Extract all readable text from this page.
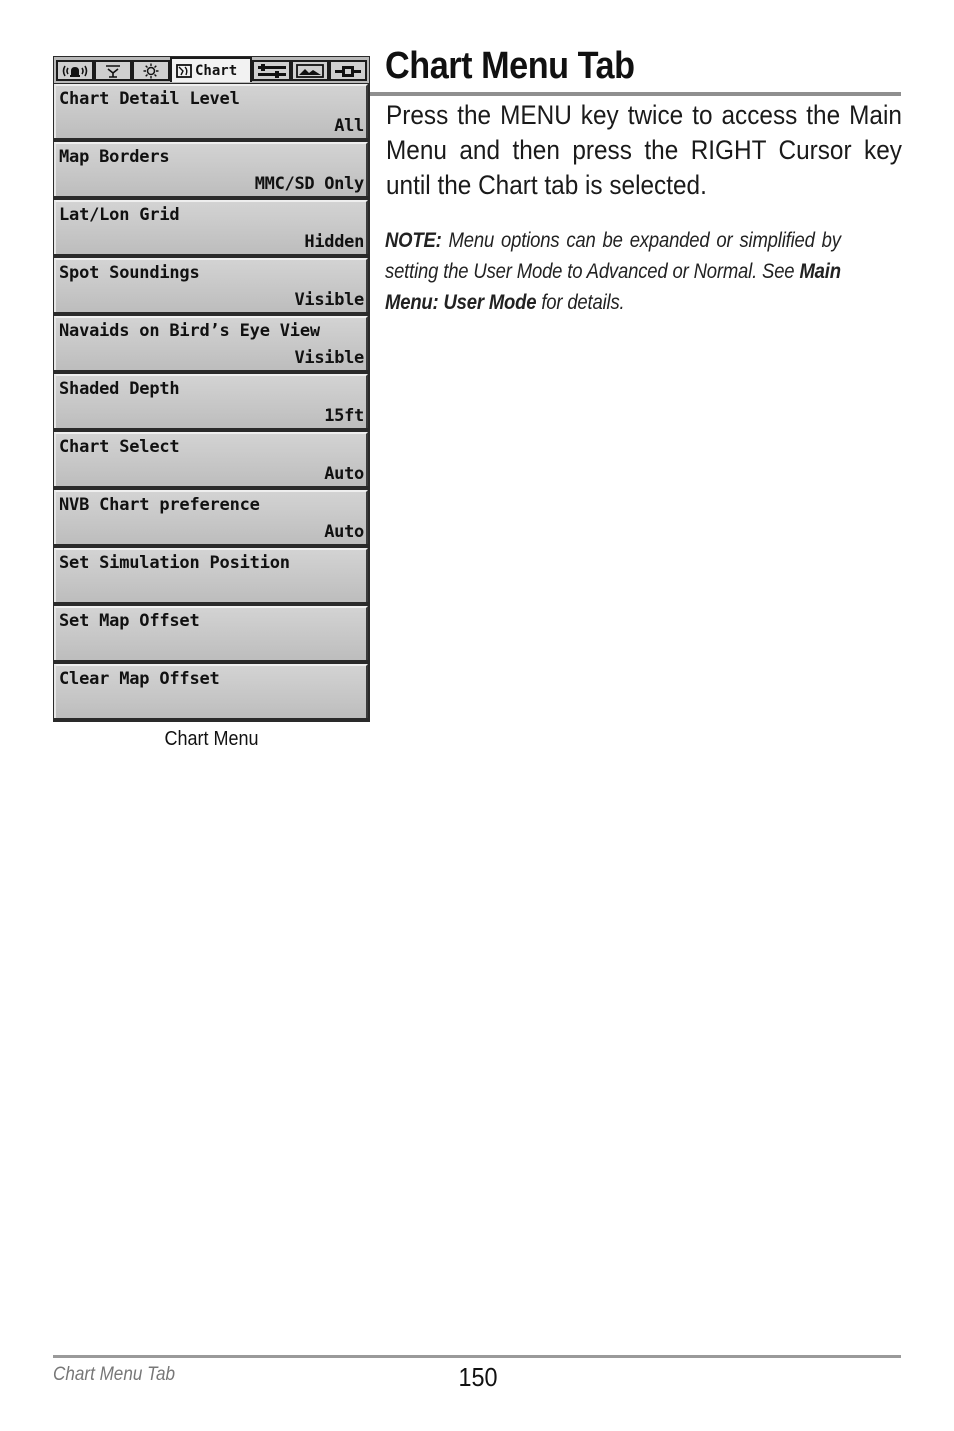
Chart
Chart Detail Level
All
Map Borders
MMC/SD Only
Lat/Lon Grid
Hidden
Spot Soundings
Visible
Navaids on Bird’s Eye View
Visible
Shaded Depth
15ft
Chart Select
Auto
NVB Chart preference
Auto
Set Simulation Position
Set Map Offset
Clear Map Offset
Chart Menu
Chart Menu Tab

Press the MENU key twice to access the Main Menu and then press the RIGHT Cursor key until the Chart tab is selected.

NOTE: Menu options can be expanded or simplified by setting the User Mode to Advanced or Normal. See Main Menu: User Mode for details.

Chart Menu Tab	150
